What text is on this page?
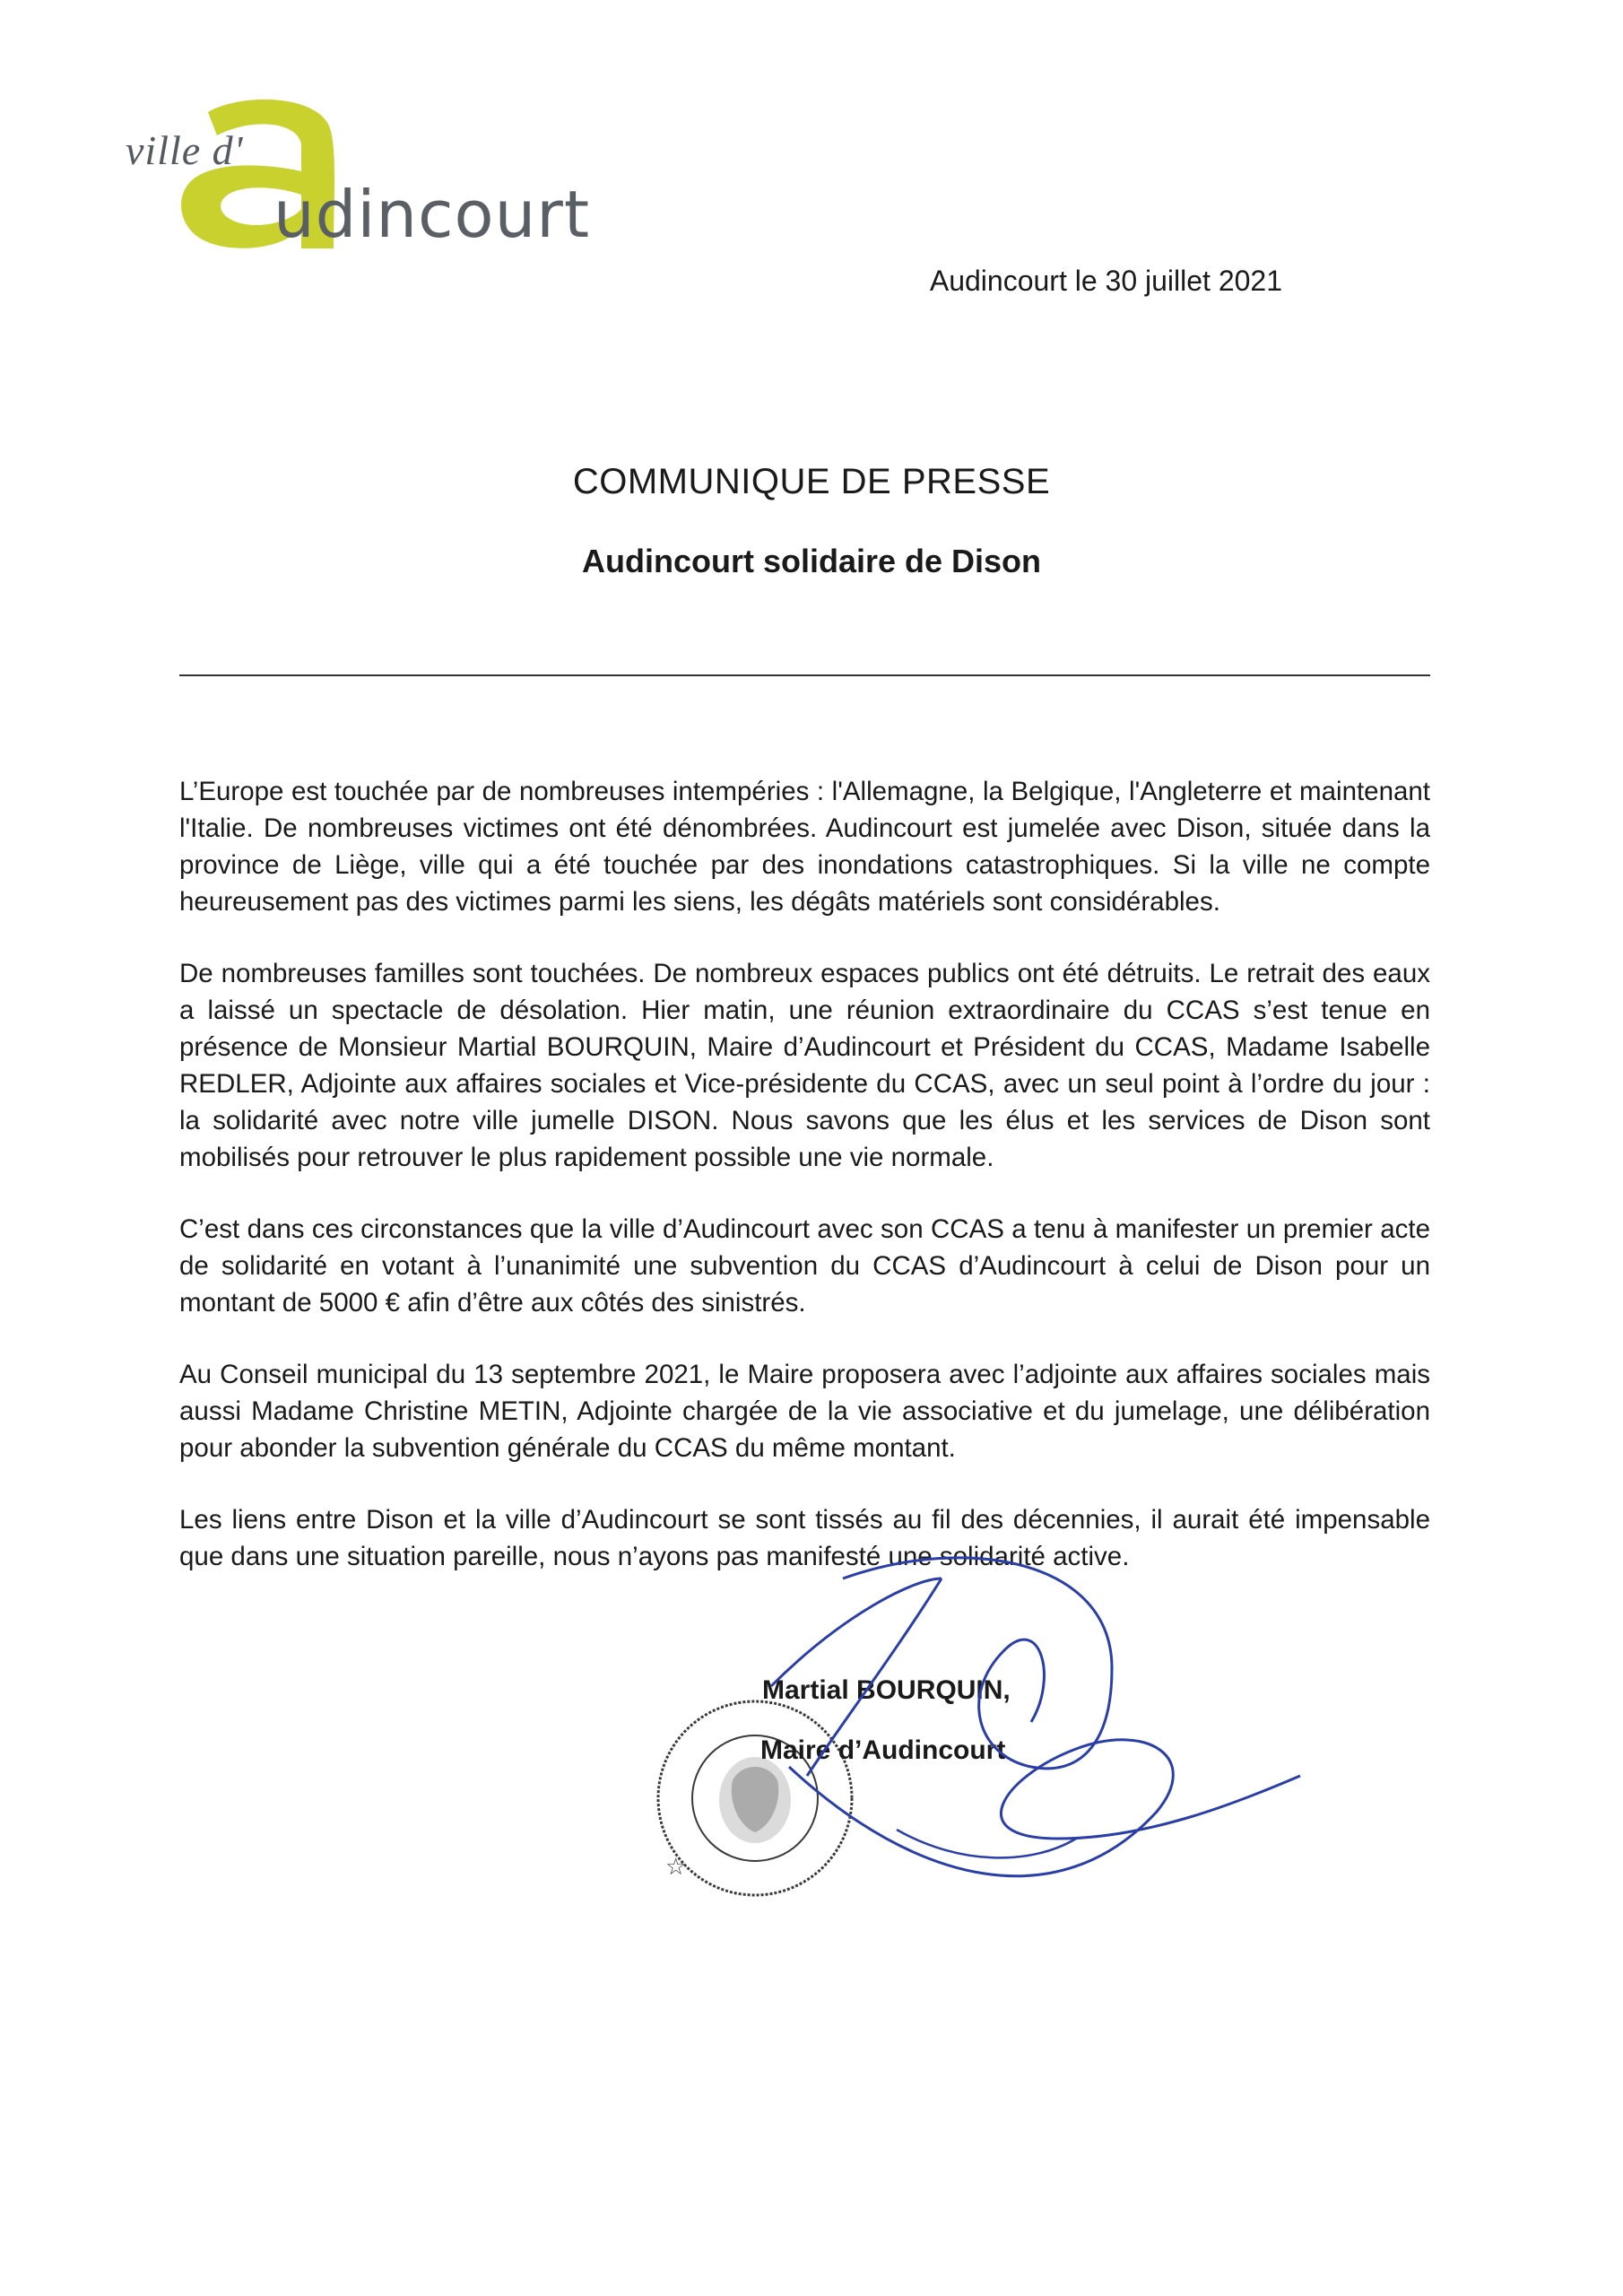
ville d'
udincourt
Audincourt le 30 juillet 2021
COMMUNIQUE DE PRESSE
Audincourt solidaire de Dison

L’Europe est touchée par de nombreuses intempéries : l'Allemagne, la Belgique, l'Angleterre et maintenant l'Italie. De nombreuses victimes ont été dénombrées. Audincourt est jumelée avec Dison, située dans la province de Liège, ville qui a été touchée par des inondations catastrophiques. Si la ville ne compte heureusement pas des victimes parmi les siens, les dégâts matériels sont considérables.

De nombreuses familles sont touchées. De nombreux espaces publics ont été détruits. Le retrait des eaux a laissé un spectacle de désolation. Hier matin, une réunion extraordinaire du CCAS s’est tenue en présence de Monsieur Martial BOURQUIN, Maire d’Audincourt et Président du CCAS, Madame Isabelle REDLER, Adjointe aux affaires sociales et Vice-présidente du CCAS, avec un seul point à l’ordre du jour : la solidarité avec notre ville jumelle DISON. Nous savons que les élus et les services de Dison sont mobilisés pour retrouver le plus rapidement possible une vie normale.

C’est dans ces circonstances que la ville d’Audincourt avec son CCAS a tenu à manifester un premier acte de solidarité en votant à l’unanimité une subvention du CCAS d’Audincourt à celui de Dison pour un montant de 5000 € afin d’être aux côtés des sinistrés.

Au Conseil municipal du 13 septembre 2021, le Maire proposera avec l’adjointe aux affaires sociales mais aussi Madame Christine METIN, Adjointe chargée de la vie associative et du jumelage, une délibération pour abonder la subvention générale du CCAS du même montant.

Les liens entre Dison et la ville d’Audincourt se sont tissés au fil des décennies, il aurait été impensable que dans une situation pareille, nous n’ayons pas manifesté une solidarité active.

☆
Martial BOURQUIN,
Maire d’Audincourt
